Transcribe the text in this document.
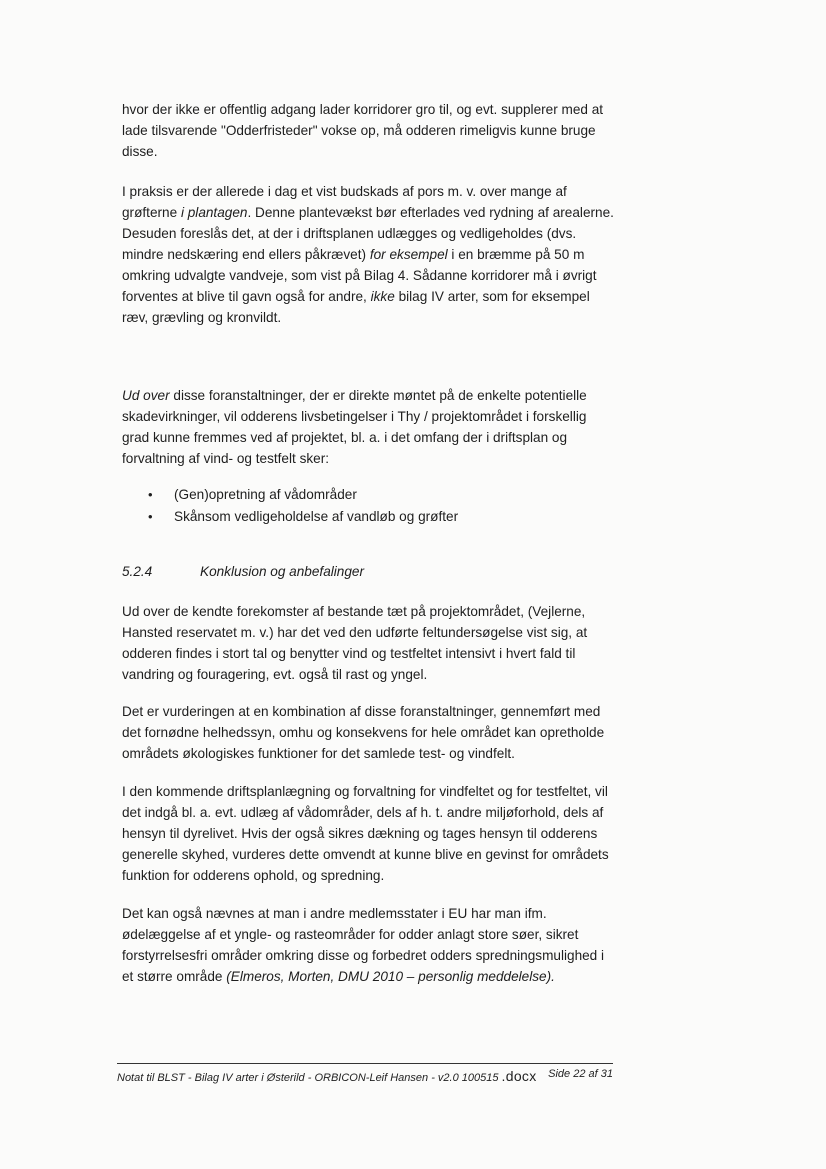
hvor der ikke er offentlig adgang lader korridorer gro til, og evt. supplerer med at lade tilsvarende "Odderfristeder" vokse op, må odderen rimeligvis kunne bruge disse.

I praksis er der allerede i dag et vist budskads af pors m. v. over mange af grøfterne i plantagen. Denne plantevækst bør efterlades ved rydning af arealerne. Desuden foreslås det, at der i driftsplanen udlægges og vedligeholdes (dvs. mindre nedskæring end ellers påkrævet) for eksempel i en bræmme på 50 m omkring udvalgte vandveje, som vist på Bilag 4. Sådanne korridorer må i øvrigt forventes at blive til gavn også for andre, ikke bilag IV arter, som for eksempel ræv, grævling og kronvildt.

Ud over disse foranstaltninger, der er direkte møntet på de enkelte potentielle skadevirkninger, vil odderens livsbetingelser i Thy / projektområdet i forskellig grad kunne fremmes ved af projektet, bl. a. i det omfang der i driftsplan og forvaltning af vind- og testfelt sker:

• (Gen)opretning af vådområder
• Skånsom vedligeholdelse af vandløb og grøfter
5.2.4	Konklusion og anbefalinger

Ud over de kendte forekomster af bestande tæt på projektområdet, (Vejlerne, Hansted reservatet m. v.) har det ved den udførte feltundersøgelse vist sig, at odderen findes i stort tal og benytter vind og testfeltet intensivt i hvert fald til vandring og fouragering, evt. også til rast og yngel.

Det er vurderingen at en kombination af disse foranstaltninger, gennemført med det fornødne helhedssyn, omhu og konsekvens for hele området kan opretholde områdets økologiskes funktioner for det samlede test- og vindfelt.

I den kommende driftsplanlægning og forvaltning for vindfeltet og for testfeltet, vil det indgå bl. a. evt. udlæg af vådområder, dels af h. t. andre miljøforhold, dels af hensyn til dyrelivet. Hvis der også sikres dækning og tages hensyn til odderens generelle skyhed, vurderes dette omvendt at kunne blive en gevinst for områdets funktion for odderens ophold, og spredning.

Det kan også nævnes at man i andre medlemsstater i EU har man ifm. ødelæggelse af et yngle- og rasteområder for odder anlagt store søer, sikret forstyrrelsesfri områder omkring disse og forbedret odders spredningsmulighed i et større område (Elmeros, Morten, DMU 2010 – personlig meddelelse).

Notat til BLST - Bilag IV arter i Østerild - ORBICON-Leif Hansen - v2.0 100515 .docx Side 22 af 31
